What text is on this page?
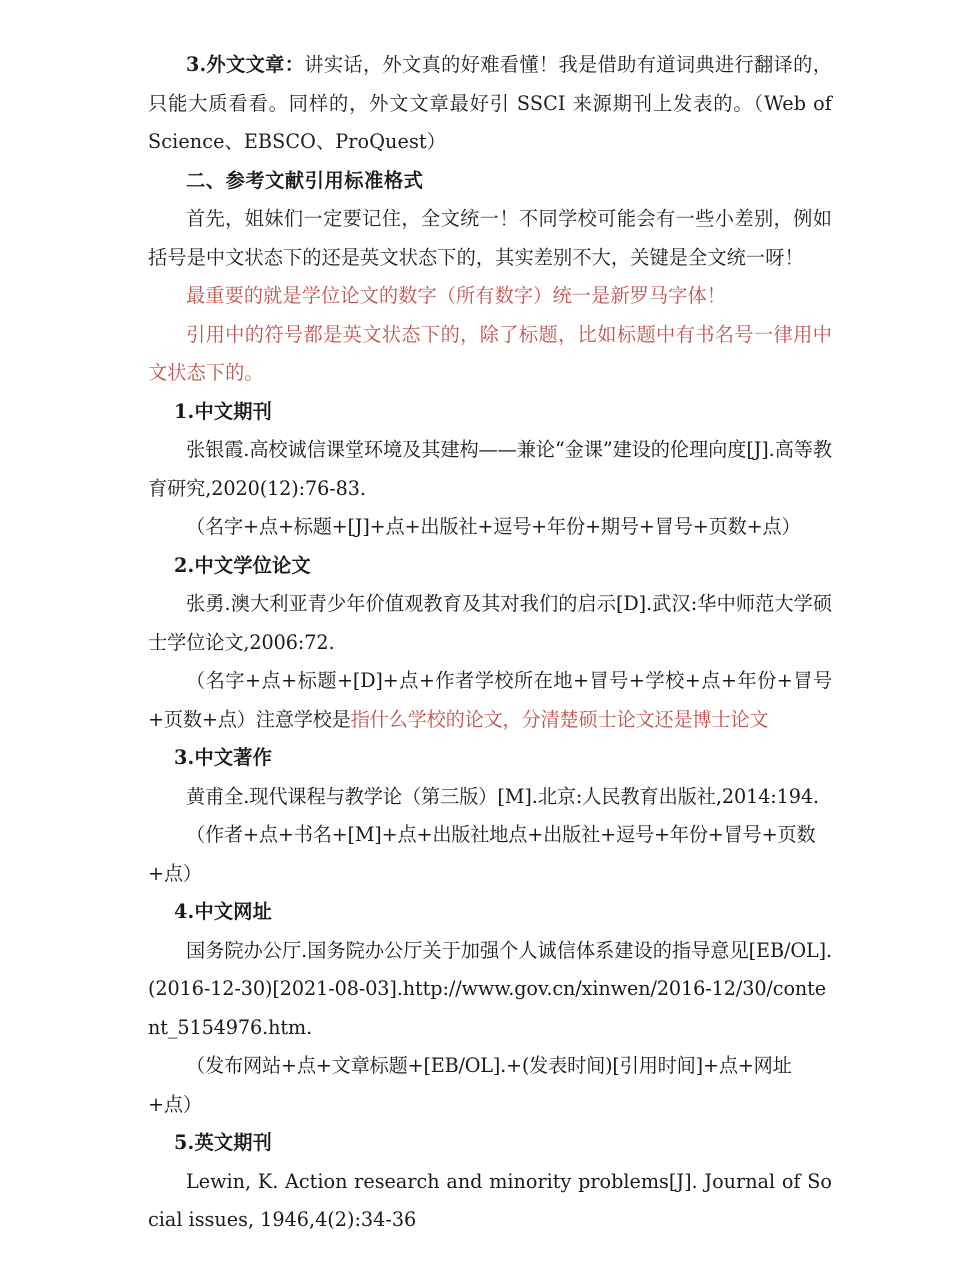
3.外文文章：讲实话，外文真的好难看懂！我是借助有道词典进行翻译的，只能大质看看。同样的，外文文章最好引 SSCI 来源期刊上发表的。（Web of Science、EBSCO、ProQuest）

二、参考文献引用标准格式

首先，姐妹们一定要记住，全文统一！不同学校可能会有一些小差别，例如括号是中文状态下的还是英文状态下的，其实差别不大，关键是全文统一呀！

最重要的就是学位论文的数字（所有数字）统一是新罗马字体！

引用中的符号都是英文状态下的，除了标题，比如标题中有书名号一律用中文状态下的。

1.中文期刊

张银霞.高校诚信课堂环境及其建构——兼论“金课”建设的伦理向度[J].高等教育研究,2020(12):76-83.

（名字+点+标题+[J]+点+出版社+逗号+年份+期号+冒号+页数+点）

2.中文学位论文

张勇.澳大利亚青少年价值观教育及其对我们的启示[D].武汉:华中师范大学硕士学位论文,2006:72.

（名字+点+标题+[D]+点+作者学校所在地+冒号+学校+点+年份+冒号+页数+点）注意学校是指什么学校的论文，分清楚硕士论文还是博士论文

3.中文著作

黄甫全.现代课程与教学论（第三版）[M].北京:人民教育出版社,2014:194.

（作者+点+书名+[M]+点+出版社地点+出版社+逗号+年份+冒号+页数+点）

4.中文网址

国务院办公厅.国务院办公厅关于加强个人诚信体系建设的指导意见[EB/OL].(2016-12-30)[2021-08-03].http://www.gov.cn/xinwen/2016-12/30/content_5154976.htm.

（发布网站+点+文章标题+[EB/OL].+(发表时间)[引用时间]+点+网址+点）

5.英文期刊

Lewin, K. Action research and minority problems[J]. Journal of Social issues, 1946,4(2):34-36
